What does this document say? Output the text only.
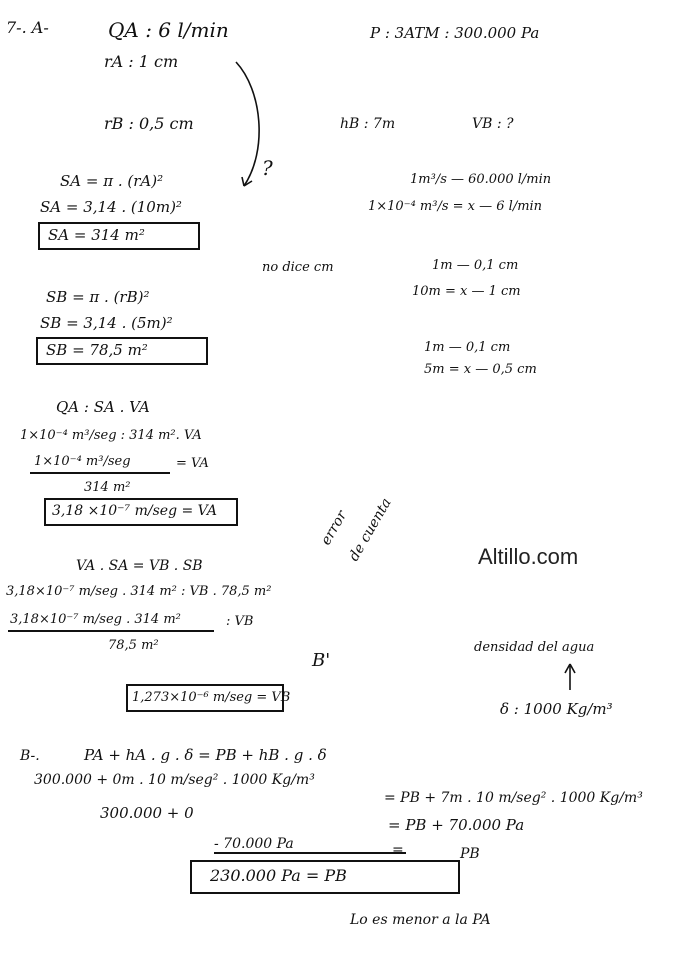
7-. A-	QA : 6 l/min
rA : 1 cm
rB : 0,5 cm
P : 3ATM : 300.000 Pa
hB : 7m	VB : ?
?
SA = π . (rA)²
SA = 3,14 . (10m)²
SA = 314 m²
1m³/s — 60.000 l/min
1×10⁻⁴ m³/s = x — 6 l/min
no dice cm	1m — 0,1 cm
10m = x — 1 cm
1m — 0,1 cm
5m = x — 0,5 cm
SB = π . (rB)²
SB = 3,14 . (5m)²
SB = 78,5 m²
QA : SA . VA
1×10⁻⁴ m³/seg : 314 m². VA
1×10⁻⁴ m³/seg	= VA
314 m²
3,18 ×10⁻⁷ m/seg = VA	error
de cuenta	Altillo.com
VA . SA = VB . SB
3,18×10⁻⁷ m/seg . 314 m² : VB . 78,5 m²
3,18×10⁻⁷ m/seg . 314 m²	: VB
78,5 m²
B'
1,273×10⁻⁶ m/seg = VB
densidad del agua
δ : 1000 Kg/m³
B-.	PA + hA . g . δ = PB + hB . g . δ
300.000 + 0m . 10 m/seg² . 1000 Kg/m³
= PB + 7m . 10 m/seg² . 1000 Kg/m³
300.000 + 0
= PB + 70.000 Pa
- 70.000 Pa	=	PB
230.000 Pa = PB
Lo es menor a la PA
